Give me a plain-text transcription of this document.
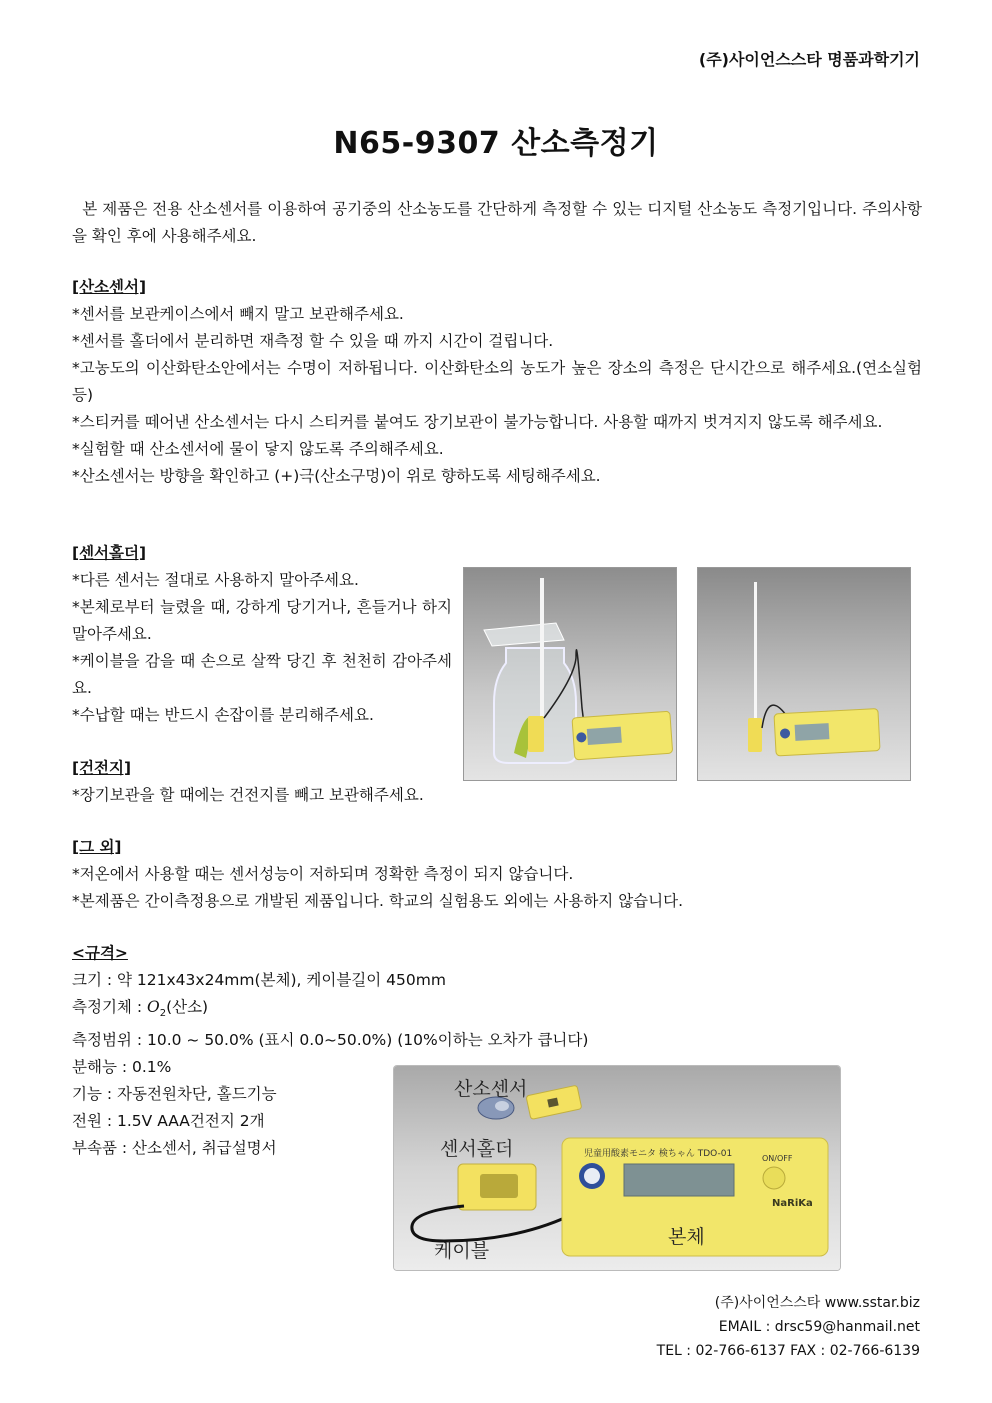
(주)사이언스스타 명품과학기기
N65-9307 산소측정기
본 제품은 전용 산소센서를 이용하여 공기중의 산소농도를 간단하게 측정할 수 있는 디지털 산소농도 측정기입니다. 주의사항을 확인 후에 사용해주세요.
[산소센서]
*센서를 보관케이스에서 빼지 말고 보관해주세요.
*센서를 홀더에서 분리하면 재측정 할 수 있을 때 까지 시간이 걸립니다.
*고농도의 이산화탄소안에서는 수명이 저하됩니다. 이산화탄소의 농도가 높은 장소의 측정은 단시간으로 해주세요.(연소실험 등)
*스티커를 떼어낸 산소센서는 다시 스티커를 붙여도 장기보관이 불가능합니다. 사용할 때까지 벗겨지지 않도록 해주세요.
*실험할 때 산소센서에 물이 닿지 않도록 주의해주세요.
*산소센서는 방향을 확인하고 (+)극(산소구멍)이 위로 향하도록 세팅해주세요.
[센서홀더]
*다른 센서는 절대로 사용하지 말아주세요.
*본체로부터 늘렸을 때, 강하게 당기거나, 흔들거나 하지 말아주세요.
*케이블을 감을 때 손으로 살짝 당긴 후 천천히 감아주세요.
*수납할 때는 반드시 손잡이를 분리해주세요.
[건전지]
*장기보관을 할 때에는 건전지를 빼고 보관해주세요.
[그 외]
*저온에서 사용할 때는 센서성능이 저하되며 정확한 측정이 되지 않습니다.
*본제품은 간이측정용으로 개발된 제품입니다. 학교의 실험용도 외에는 사용하지 않습니다.
<규격>
크기 : 약 121x43x24mm(본체), 케이블길이 450mm
측정기체 : $O_2$(산소)
측정범위 : 10.0 ~ 50.0% (표시 0.0~50.0%) (10%이하는 오차가 큽니다)
분해능 : 0.1%
기능 : 자동전원차단, 홀드기능
전원 : 1.5V AAA건전지 2개
부속품 : 산소센서, 취급설명서
산소센서
센서홀더
케이블
본체
児童用酸素モニタ 検ちゃん TDO-01	ON/OFF
NaRiKa
(주)사이언스스타 www.sstar.biz
EMAIL : drsc59@hanmail.net
TEL : 02-766-6137 FAX : 02-766-6139
